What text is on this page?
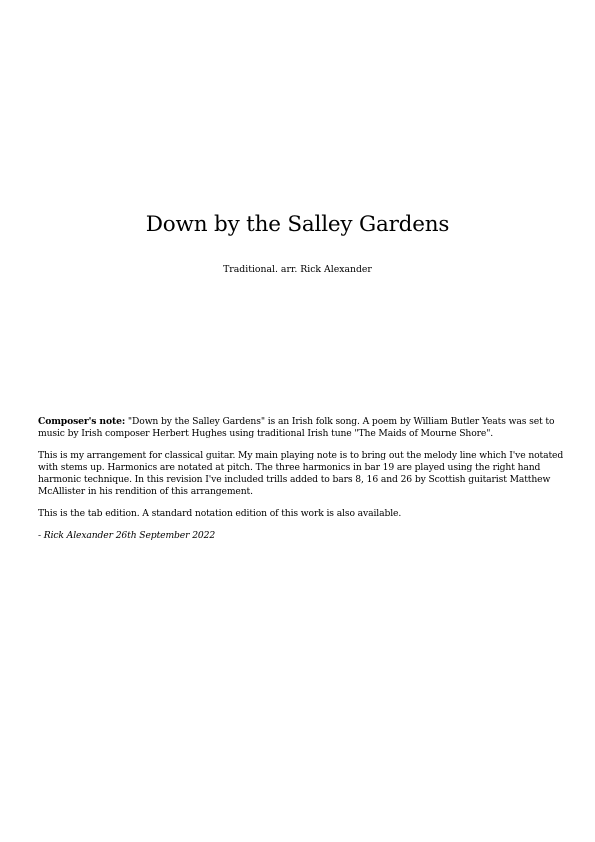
Down by the Salley Gardens
Traditional. arr. Rick Alexander

Composer's note: "Down by the Salley Gardens" is an Irish folk song. A poem by William Butler Yeats was set to music by Irish composer Herbert Hughes using traditional Irish tune "The Maids of Mourne Shore".

This is my arrangement for classical guitar. My main playing note is to bring out the melody line which I've notated with stems up. Harmonics are notated at pitch. The three harmonics in bar 19 are played using the right hand harmonic technique. In this revision I've included trills added to bars 8, 16 and 26 by Scottish guitarist Matthew McAllister in his rendition of this arrangement.

This is the tab edition. A standard notation edition of this work is also available.

- Rick Alexander 26th September 2022
